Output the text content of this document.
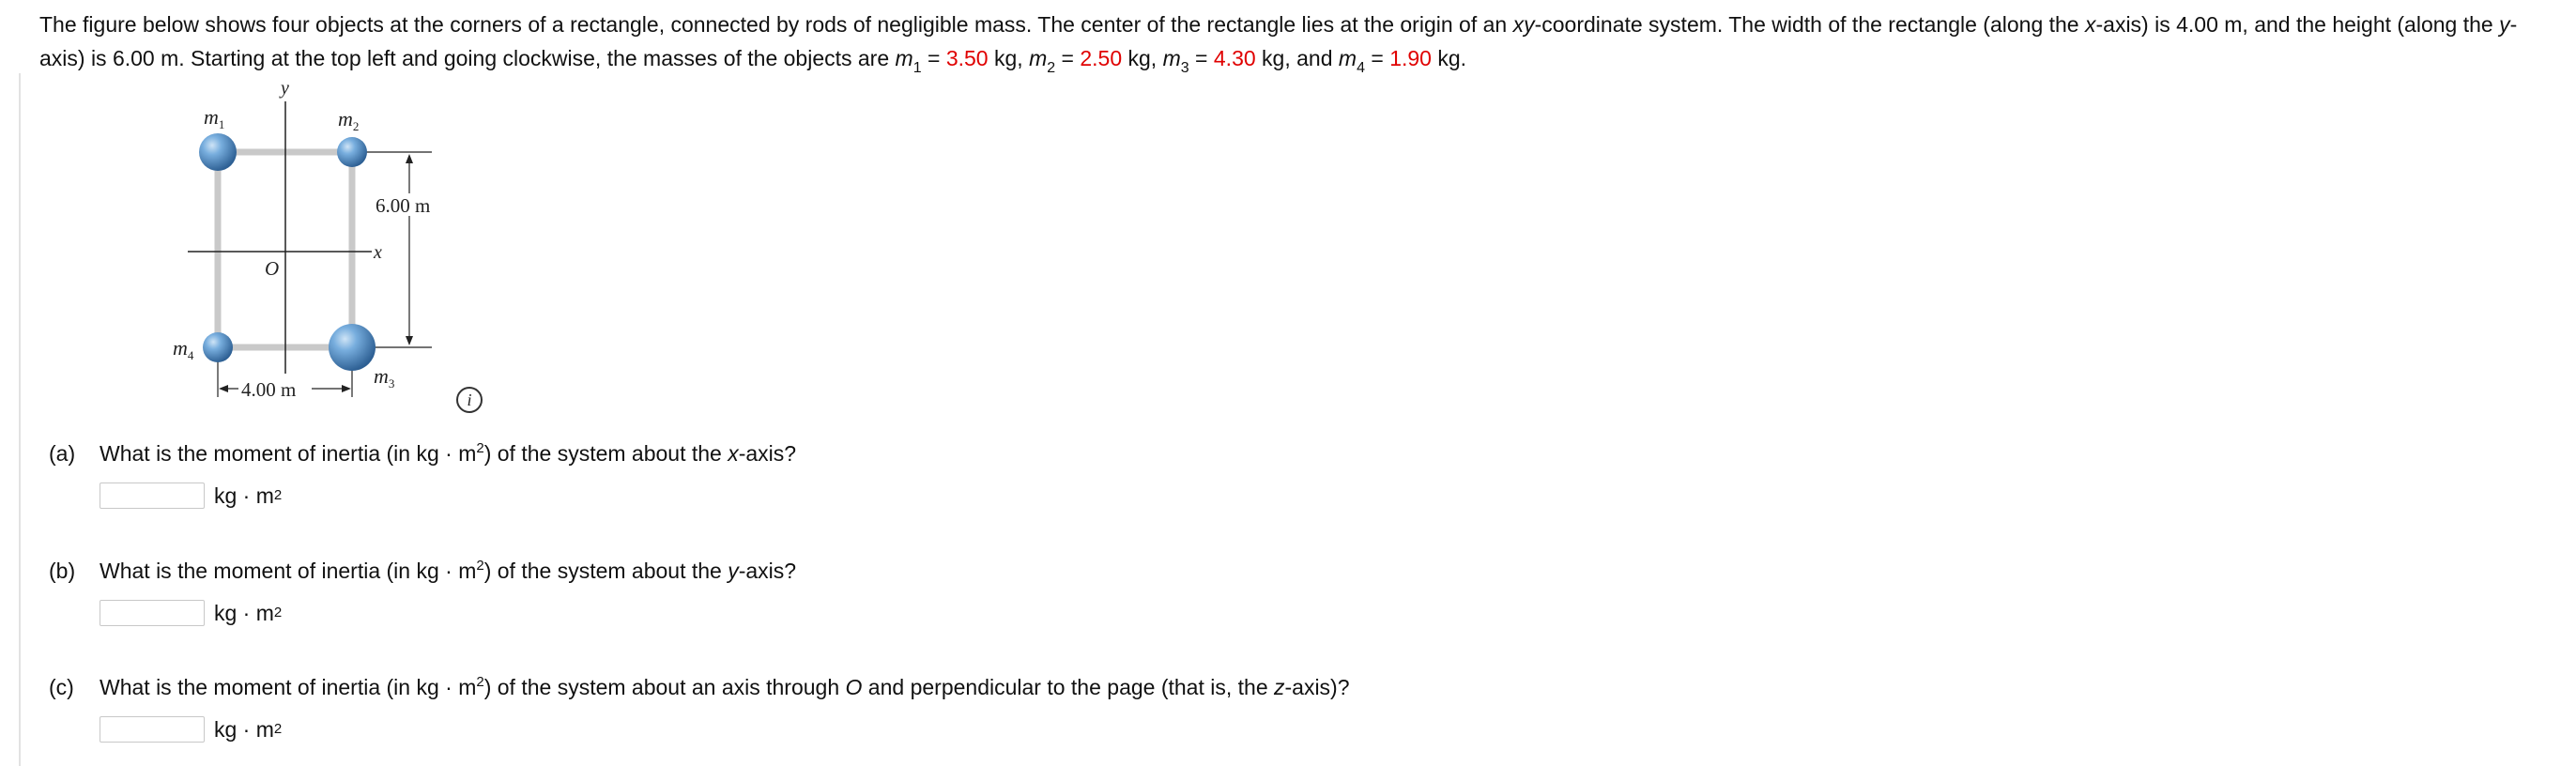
The figure below shows four objects at the corners of a rectangle, connected by rods of negligible mass. The center of the rectangle lies at the origin of an xy-coordinate system. The width of the rectangle (along the x-axis) is 4.00 m, and the height (along the y-axis) is 6.00 m. Starting at the top left and going clockwise, the masses of the objects are $m_1 = 3.50$ kg, $m_2 = 2.50$ kg, $m_3 = 4.30$ kg, and $m_4 = 1.90$ kg.

y
x
O
6.00 m
4.00 m
$m_1$	$m_2$
$m_3$
$m_4$
i
(a) What is the moment of inertia (in kg · $m^2$) of the system about the x-axis?
kg · m 2
(b) What is the moment of inertia (in kg · $m^2$) of the system about the y-axis?
kg · m 2
(c) What is the moment of inertia (in kg · $m^2$) of the system about an axis through O and perpendicular to the page (that is, the z-axis)?
kg · m 2
